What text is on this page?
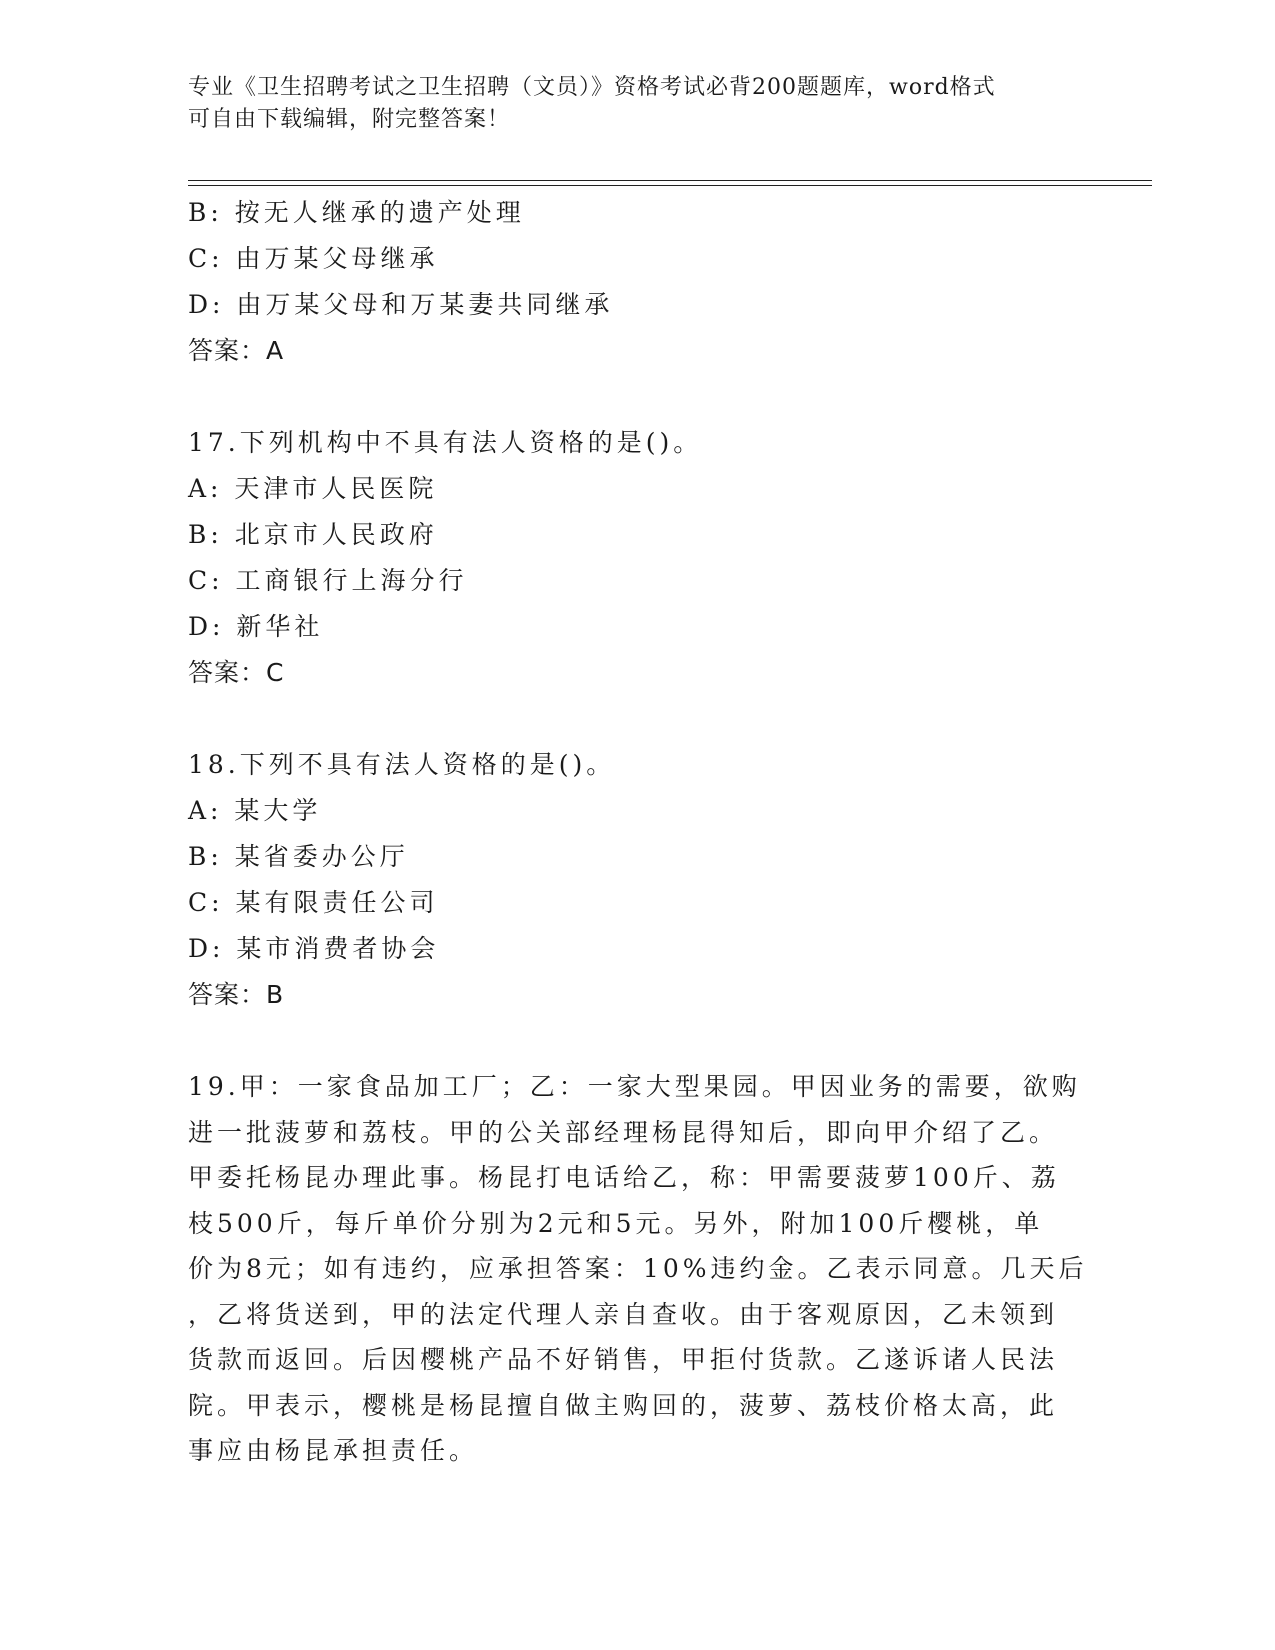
专业《卫生招聘考试之卫生招聘（文员）》资格考试必背200题题库，word格式
可自由下载编辑，附完整答案！
B: 按无人继承的遗产处理
C: 由万某父母继承
D: 由万某父母和万某妻共同继承
答案：A
17.下列机构中不具有法人资格的是()。
A: 天津市人民医院
B: 北京市人民政府
C: 工商银行上海分行
D: 新华社
答案：C
18.下列不具有法人资格的是()。
A: 某大学
B: 某省委办公厅
C: 某有限责任公司
D: 某市消费者协会
答案：B
19.甲：一家食品加工厂；乙：一家大型果园。甲因业务的需要，欲购
进一批菠萝和荔枝。甲的公关部经理杨昆得知后，即向甲介绍了乙。
甲委托杨昆办理此事。杨昆打电话给乙，称：甲需要菠萝100斤、荔
枝500斤，每斤单价分别为2元和5元。另外，附加100斤樱桃，单
价为8元；如有违约，应承担答案：10%违约金。乙表示同意。几天后
，乙将货送到，甲的法定代理人亲自查收。由于客观原因，乙未领到
货款而返回。后因樱桃产品不好销售，甲拒付货款。乙遂诉诸人民法
院。甲表示，樱桃是杨昆擅自做主购回的，菠萝、荔枝价格太高，此
事应由杨昆承担责任。
